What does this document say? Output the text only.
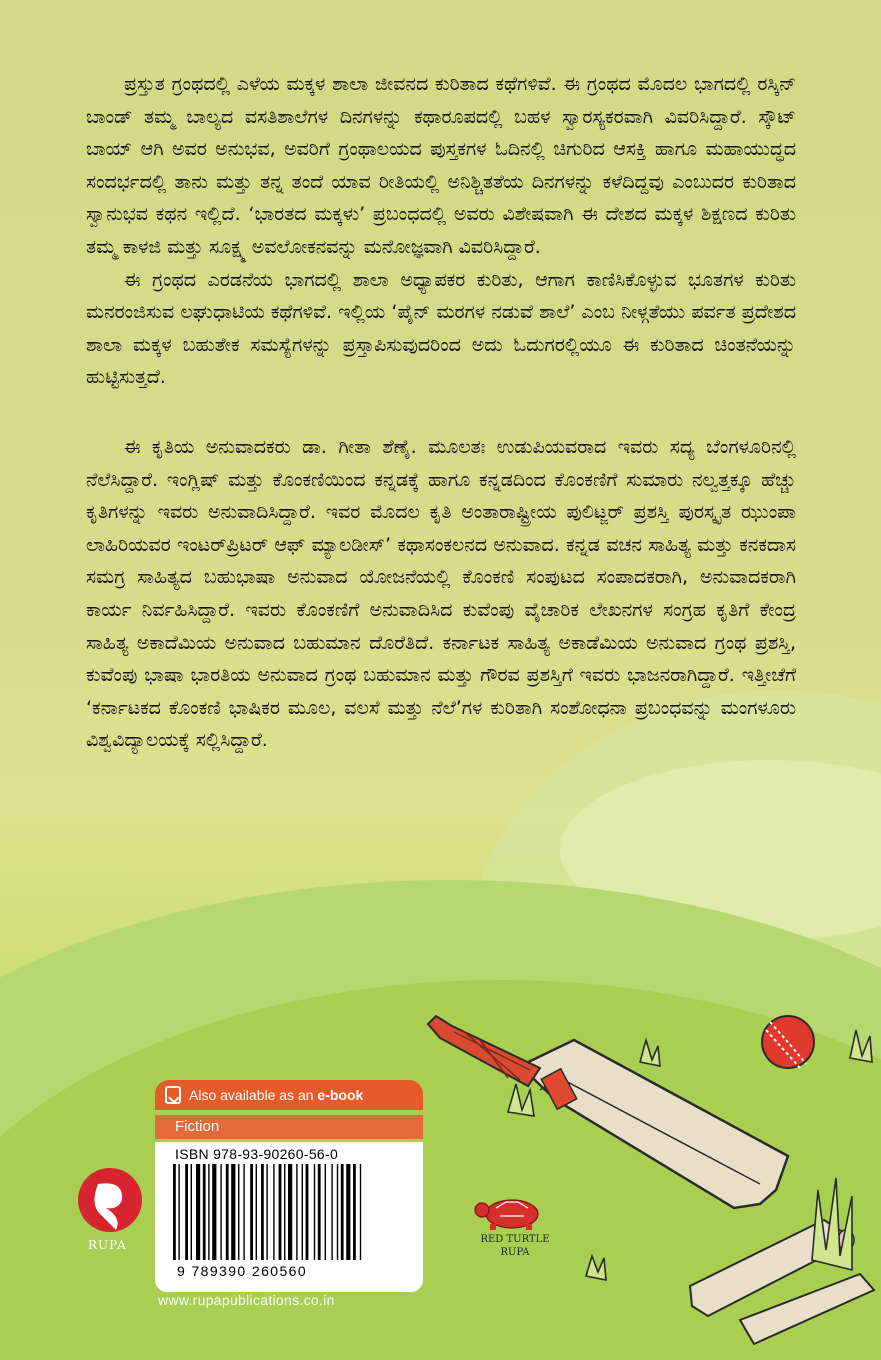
ಪ್ರಸ್ತುತ ಗ್ರಂಥದಲ್ಲಿ ಎಳೆಯ ಮಕ್ಕಳ ಶಾಲಾ ಜೀವನದ ಕುರಿತಾದ ಕಥೆಗಳಿವೆ. ಈ ಗ್ರಂಥದ ಮೊದಲ ಭಾಗದಲ್ಲಿ ರಸ್ಕಿನ್ ಬಾಂಡ್ ತಮ್ಮ ಬಾಲ್ಯದ ವಸತಿಶಾಲೆಗಳ ದಿನಗಳನ್ನು ಕಥಾರೂಪದಲ್ಲಿ ಬಹಳ ಸ್ವಾರಸ್ಯಕರವಾಗಿ ವಿವರಿಸಿದ್ದಾರೆ. ಸ್ಕೌಟ್ ಬಾಯ್ ಆಗಿ ಅವರ ಅನುಭವ, ಅವರಿಗೆ ಗ್ರಂಥಾಲಯದ ಪುಸ್ತಕಗಳ ಓದಿನಲ್ಲಿ ಚಿಗುರಿದ ಆಸಕ್ತಿ ಹಾಗೂ ಮಹಾಯುದ್ಧದ ಸಂದರ್ಭದಲ್ಲಿ ತಾನು ಮತ್ತು ತನ್ನ ತಂದೆ ಯಾವ ರೀತಿಯಲ್ಲಿ ಅನಿಶ್ಚಿತತೆಯ ದಿನಗಳನ್ನು ಕಳೆದಿದ್ದವು ಎಂಬುದರ ಕುರಿತಾದ ಸ್ವಾನುಭವ ಕಥನ ಇಲ್ಲಿದೆ. ‘ಭಾರತದ ಮಕ್ಕಳು’ ಪ್ರಬಂಧದಲ್ಲಿ ಅವರು ವಿಶೇಷವಾಗಿ ಈ ದೇಶದ ಮಕ್ಕಳ ಶಿಕ್ಷಣದ ಕುರಿತು ತಮ್ಮ ಕಾಳಜಿ ಮತ್ತು ಸೂಕ್ಷ್ಮ ಅವಲೋಕನವನ್ನು ಮನೋಜ್ಞವಾಗಿ ವಿವರಿಸಿದ್ದಾರೆ.

ಈ ಗ್ರಂಥದ ಎರಡನೆಯ ಭಾಗದಲ್ಲಿ ಶಾಲಾ ಅಧ್ಯಾಪಕರ ಕುರಿತು, ಆಗಾಗ ಕಾಣಿಸಿಕೊಳ್ಳುವ ಭೂತಗಳ ಕುರಿತು ಮನರಂಜಿಸುವ ಲಘುಧಾಟಿಯ ಕಥೆಗಳಿವೆ. ಇಲ್ಲಿಯ ‘ಪೈನ್ ಮರಗಳ ನಡುವೆ ಶಾಲೆ’ ಎಂಬ ನೀಳ್ಗತೆಯು ಪರ್ವತ ಪ್ರದೇಶದ ಶಾಲಾ ಮಕ್ಕಳ ಬಹುತೇಕ ಸಮಸ್ಯೆಗಳನ್ನು ಪ್ರಸ್ತಾಪಿಸುವುದರಿಂದ ಅದು ಓದುಗರಲ್ಲಿಯೂ ಈ ಕುರಿತಾದ ಚಿಂತನೆಯನ್ನು ಹುಟ್ಟಿಸುತ್ತದೆ.

ಈ ಕೃತಿಯ ಅನುವಾದಕರು ಡಾ. ಗೀತಾ ಶೆಣೈ. ಮೂಲತಃ ಉಡುಪಿಯವರಾದ ಇವರು ಸದ್ಯ ಬೆಂಗಳೂರಿನಲ್ಲಿ ನೆಲೆಸಿದ್ದಾರೆ. ಇಂಗ್ಲಿಷ್ ಮತ್ತು ಕೊಂಕಣಿಯಿಂದ ಕನ್ನಡಕ್ಕೆ ಹಾಗೂ ಕನ್ನಡದಿಂದ ಕೊಂಕಣಿಗೆ ಸುಮಾರು ನಲ್ವತ್ತಕ್ಕೂ ಹೆಚ್ಚು ಕೃತಿಗಳನ್ನು ಇವರು ಅನುವಾದಿಸಿದ್ದಾರೆ. ಇವರ ಮೊದಲ ಕೃತಿ ಅಂತಾರಾಷ್ಟ್ರೀಯ ಪುಲಿಟ್ಜರ್ ಪ್ರಶಸ್ತಿ ಪುರಸ್ಕೃತ ಝುಂಪಾ ಲಾಹಿರಿಯವರ ಇಂಟರ್‌ಪ್ರಿಟರ್ ಆಫ್ ಮ್ಯಾಲಡೀಸ್’ ಕಥಾಸಂಕಲನದ ಅನುವಾದ. ಕನ್ನಡ ವಚನ ಸಾಹಿತ್ಯ ಮತ್ತು ಕನಕದಾಸ ಸಮಗ್ರ ಸಾಹಿತ್ಯದ ಬಹುಭಾಷಾ ಅನುವಾದ ಯೋಜನೆಯಲ್ಲಿ ಕೊಂಕಣಿ ಸಂಪುಟದ ಸಂಪಾದಕರಾಗಿ, ಅನುವಾದಕರಾಗಿ ಕಾರ್ಯ ನಿರ್ವಹಿಸಿದ್ದಾರೆ. ಇವರು ಕೊಂಕಣಿಗೆ ಅನುವಾದಿಸಿದ ಕುವೆಂಪು ವೈಚಾರಿಕ ಲೇಖನಗಳ ಸಂಗ್ರಹ ಕೃತಿಗೆ ಕೇಂದ್ರ ಸಾಹಿತ್ಯ ಅಕಾದೆಮಿಯ ಅನುವಾದ ಬಹುಮಾನ ದೊರೆತಿದೆ. ಕರ್ನಾಟಕ ಸಾಹಿತ್ಯ ಅಕಾಡೆಮಿಯ ಅನುವಾದ ಗ್ರಂಥ ಪ್ರಶಸ್ತಿ, ಕುವೆಂಪು ಭಾಷಾ ಭಾರತಿಯ ಅನುವಾದ ಗ್ರಂಥ ಬಹುಮಾನ ಮತ್ತು ಗೌರವ ಪ್ರಶಸ್ತಿಗೆ ಇವರು ಭಾಜನರಾಗಿದ್ದಾರೆ. ಇತ್ತೀಚೆಗೆ ‘ಕರ್ನಾಟಕದ ಕೊಂಕಣಿ ಭಾಷಿಕರ ಮೂಲ, ವಲಸೆ ಮತ್ತು ನೆಲೆ’ಗಳ ಕುರಿತಾಗಿ ಸಂಶೋಧನಾ ಪ್ರಬಂಧವನ್ನು ಮಂಗಳೂರು ವಿಶ್ವವಿದ್ಯಾಲಯಕ್ಕೆ ಸಲ್ಲಿಸಿದ್ದಾರೆ.

Also available as an e-book
Fiction
ISBN 978-93-90260-56-0
9 789390 260560
RUPA	RED TURTLE
RUPA
www.rupapublications.co.in
